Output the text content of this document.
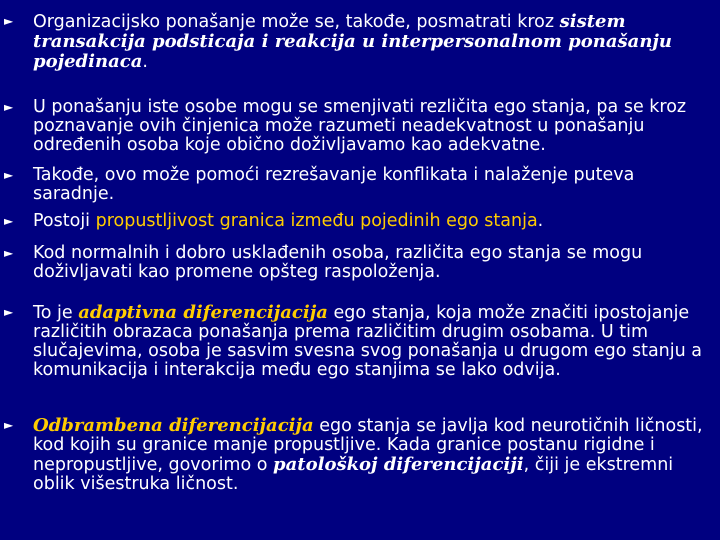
► Organizacijsko ponašanje može se, takođe, posmatrati kroz sistem transakcija podsticaja i reakcija u interpersonalnom ponašanju pojedinaca.

► U ponašanju iste osobe mogu se smenjivati rezličita ego stanja, pa se kroz poznavanje ovih činjenica može razumeti neadekvatnost u ponašanju određenih osoba koje obično doživljavamo kao adekvatne.

► Takođe, ovo može pomoći rezrešavanje konflikata i nalaženje puteva saradnje.

► Postoji propustljivost granica između pojedinih ego stanja.

► Kod normalnih i dobro usklađenih osoba, različita ego stanja se mogu doživljavati kao promene opšteg raspoloženja.

► To je adaptivna diferencijacija ego stanja, koja može značiti ipostojanje različitih obrazaca ponašanja prema različitim drugim osobama. U tim slučajevima, osoba je sasvim svesna svog ponašanja u drugom ego stanju a komunikacija i interakcija među ego stanjima se lako odvija.

► Odbrambena diferencijacija ego stanja se javlja kod neurotičnih ličnosti, kod kojih su granice manje propustljive. Kada granice postanu rigidne i nepropustljive, govorimo o patološkoj diferencijaciji, čiji je ekstremni oblik višestruka ličnost.
